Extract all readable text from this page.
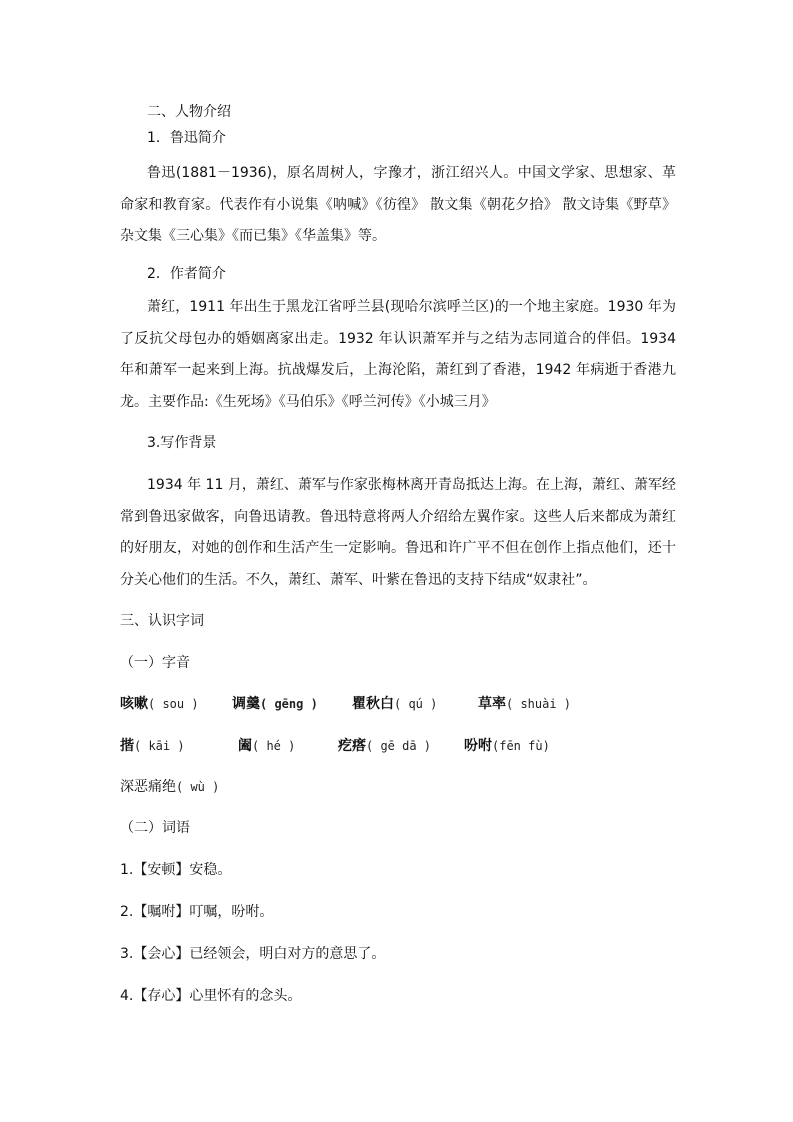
二、人物介绍
1．鲁迅简介

鲁迅(1881－1936)，原名周树人，字豫才，浙江绍兴人。中国文学家、思想家、革命家和教育家。代表作有小说集《呐喊》《彷徨》 散文集《朝花夕拾》 散文诗集《野草》 杂文集《三心集》《而已集》《华盖集》等。

2．作者简介

萧红，1911 年出生于黑龙江省呼兰县(现哈尔滨呼兰区)的一个地主家庭。1930 年为了反抗父母包办的婚姻离家出走。1932 年认识萧军并与之结为志同道合的伴侣。1934 年和萧军一起来到上海。抗战爆发后，上海沦陷，萧红到了香港，1942 年病逝于香港九龙。主要作品:《生死场》《马伯乐》《呼兰河传》《小城三月》

3.写作背景

1934 年 11 月，萧红、萧军与作家张梅林离开青岛抵达上海。在上海，萧红、萧军经常到鲁迅家做客，向鲁迅请教。鲁迅特意将两人介绍给左翼作家。这些人后来都成为萧红的好朋友，对她的创作和生活产生一定影响。鲁迅和许广平不但在创作上指点他们，还十分关心他们的生活。不久，萧红、萧军、叶紫在鲁迅的支持下结成“奴隶社”。

三、认识字词
（一）字音
咳嗽( sou ) 调羹( gēng ) 瞿秋白( qú )	草率( shuài )
揩( kāi )	阖( hé )	疙瘩( gē dā ) 吩咐(fēn fù)
深恶痛绝( wù )
（二）词语
1.【安顿】安稳。
2.【嘱咐】叮嘱，吩咐。
3.【会心】已经领会，明白对方的意思了。
4.【存心】心里怀有的念头。
